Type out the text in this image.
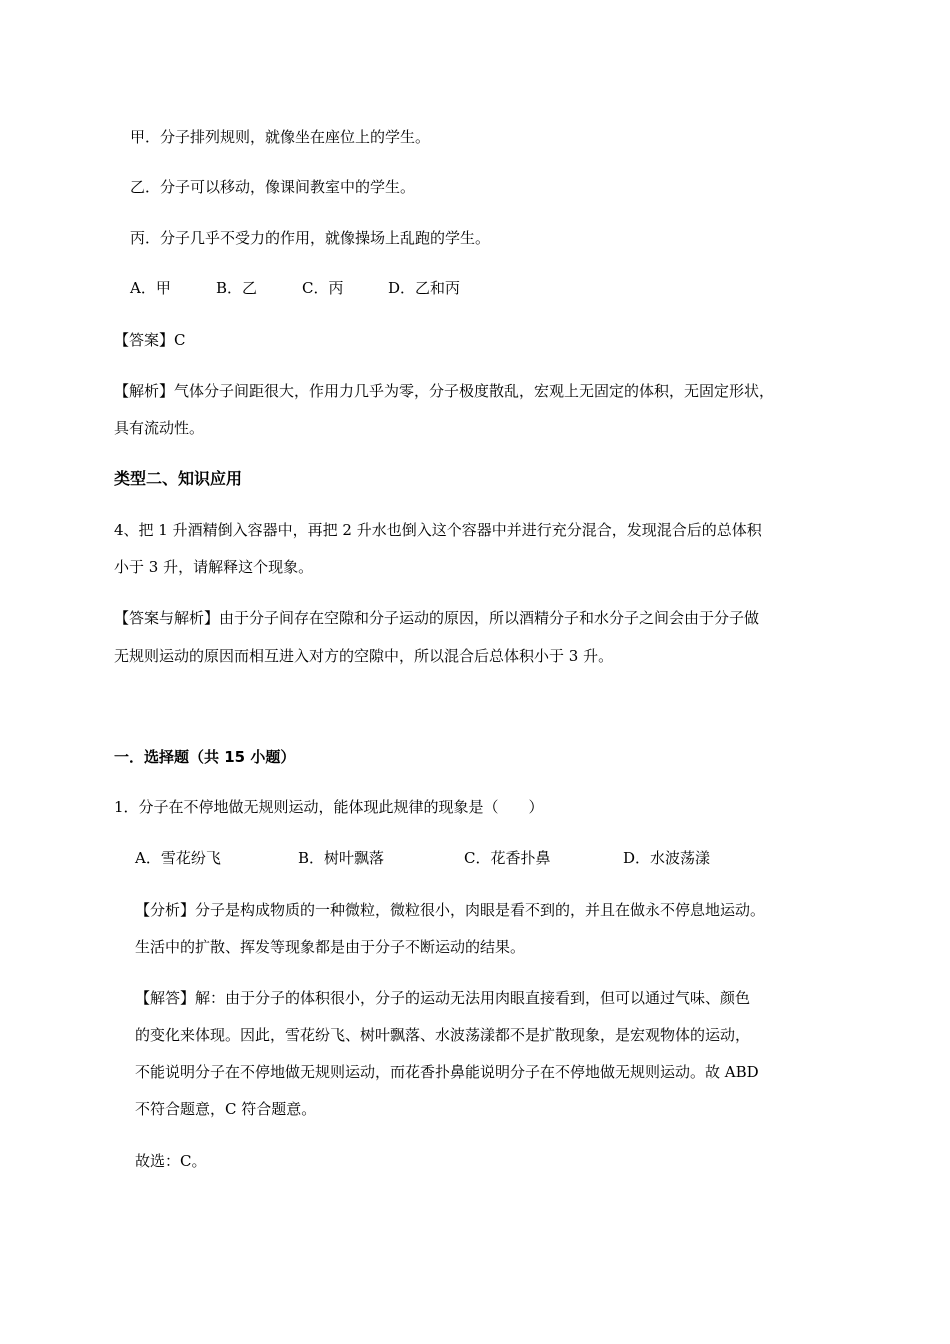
甲．分子排列规则，就像坐在座位上的学生。
乙．分子可以移动，像课间教室中的学生。
丙．分子几乎不受力的作用，就像操场上乱跑的学生。
A．甲	B．乙	C．丙	D．乙和丙
【答案】C
【解析】气体分子间距很大，作用力几乎为零，分子极度散乱，宏观上无固定的体积，无固定形状，
具有流动性。
类型二、知识应用
4、把 1 升酒精倒入容器中，再把 2 升水也倒入这个容器中并进行充分混合，发现混合后的总体积
小于 3 升，请解释这个现象。
【答案与解析】由于分子间存在空隙和分子运动的原因，所以酒精分子和水分子之间会由于分子做
无规则运动的原因而相互进入对方的空隙中，所以混合后总体积小于 3 升。
一．选择题（共 15 小题）
1．分子在不停地做无规则运动，能体现此规律的现象是（　　）
A．雪花纷飞	B．树叶飘落	C．花香扑鼻	D．水波荡漾
【分析】分子是构成物质的一种微粒，微粒很小，肉眼是看不到的，并且在做永不停息地运动。
生活中的扩散、挥发等现象都是由于分子不断运动的结果。
【解答】解：由于分子的体积很小，分子的运动无法用肉眼直接看到，但可以通过气味、颜色
的变化来体现。因此，雪花纷飞、树叶飘落、水波荡漾都不是扩散现象，是宏观物体的运动，
不能说明分子在不停地做无规则运动，而花香扑鼻能说明分子在不停地做无规则运动。故 ABD
不符合题意，C 符合题意。
故选：C。
